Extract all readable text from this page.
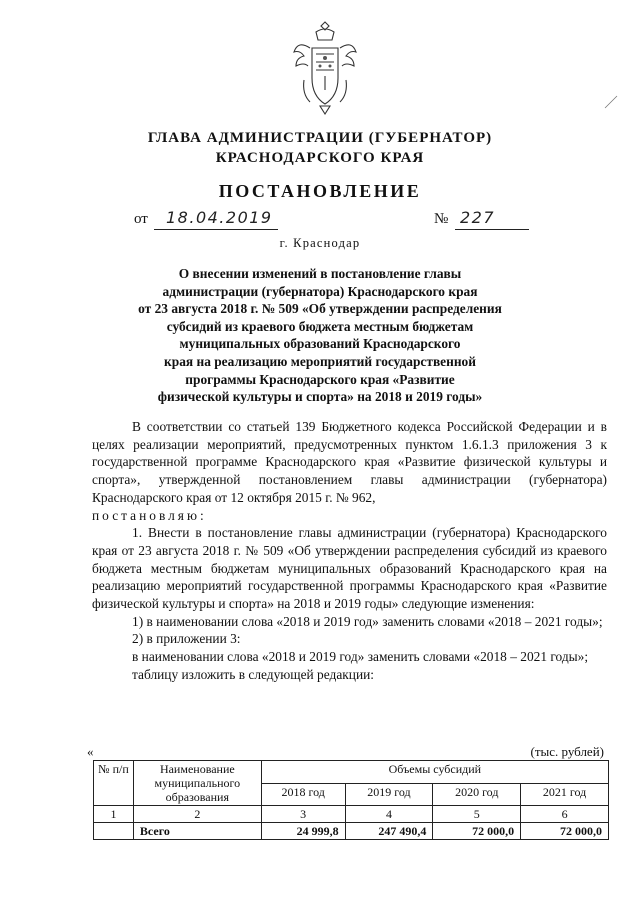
ГЛАВА АДМИНИСТРАЦИИ (ГУБЕРНАТОР)
КРАСНОДАРСКОГО КРАЯ
ПОСТАНОВЛЕНИЕ
от 18.04.2019	№ 227
г. Краснодар
О внесении изменений в постановление главы
администрации (губернатора) Краснодарского края
от 23 августа 2018 г. № 509 «Об утверждении распределения
субсидий из краевого бюджета местным бюджетам
муниципальных образований Краснодарского
края на реализацию мероприятий государственной
программы Краснодарского края «Развитие
физической культуры и спорта» на 2018 и 2019 годы»

В соответствии со статьей 139 Бюджетного кодекса Российской Федерации и в целях реализации мероприятий, предусмотренных пунктом 1.6.1.3 приложения 3 к государственной программе Краснодарского края «Развитие физической культуры и спорта», утвержденной постановлением главы администрации (губернатора) Краснодарского края от 12 октября 2015 г. № 962,

постановляю:

1. Внести в постановление главы администрации (губернатора) Краснодарского края от 23 августа 2018 г. № 509 «Об утверждении распределения субсидий из краевого бюджета местным бюджетам муниципальных образований Краснодарского края на реализацию мероприятий государственной программы Краснодарского края «Развитие физической культуры и спорта» на 2018 и 2019 годы» следующие изменения:

1) в наименовании слова «2018 и 2019 год» заменить словами «2018 – 2021 годы»;

2) в приложении 3:

в наименовании слова «2018 и 2019 год» заменить словами «2018 – 2021 годы»;

таблицу изложить в следующей редакции:

«	(тыс. рублей)
№ п/п	Наименование муниципального образования	Объемы субсидий			
		2018 год	2019 год	2020 год	2021 год
1	2	3	4	5	6
	Всего	24 999,8	247 490,4	72 000,0	72 000,0
